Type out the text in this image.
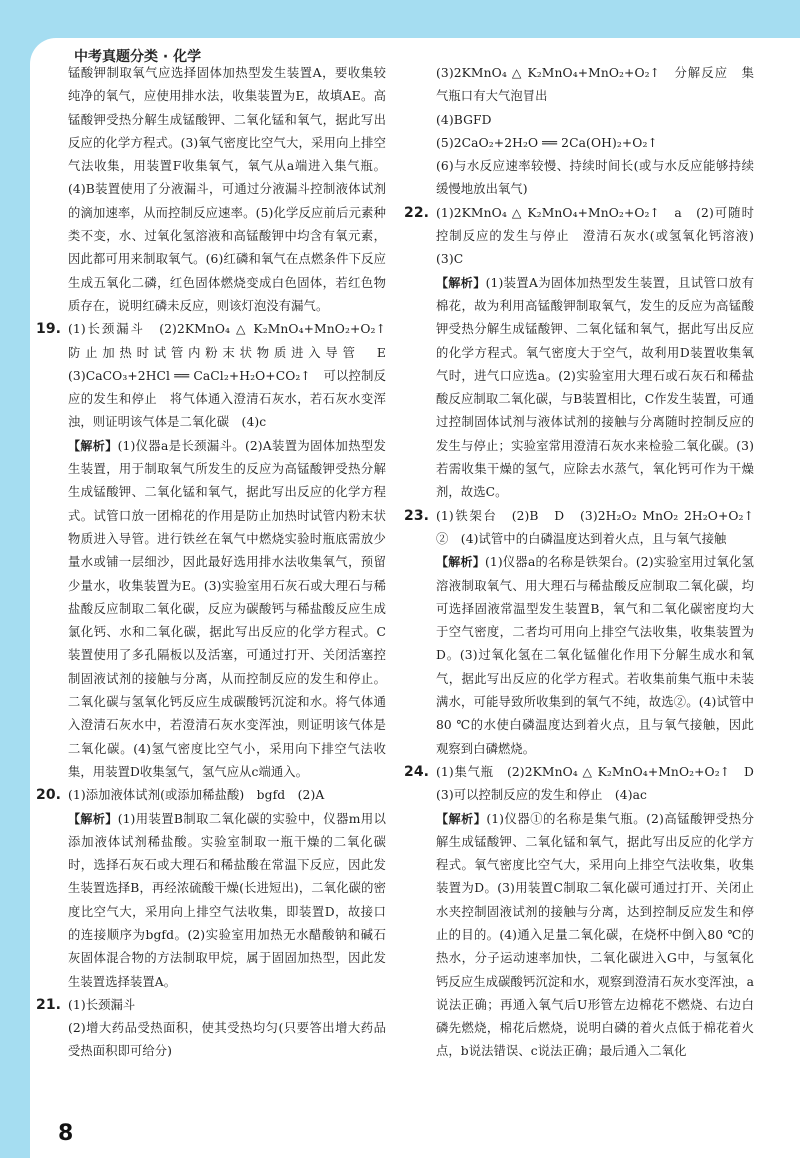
中考真题分类 · 化学

锰酸钾制取氧气应选择固体加热型发生装置A，要收集较纯净的氧气，应使用排水法，收集装置为E，故填AE。高锰酸钾受热分解生成锰酸钾、二氧化锰和氧气，据此写出反应的化学方程式。(3)氧气密度比空气大，采用向上排空气法收集，用装置F收集氧气，氧气从a端进入集气瓶。(4)B装置使用了分液漏斗，可通过分液漏斗控制液体试剂的滴加速率，从而控制反应速率。(5)化学反应前后元素种类不变，水、过氧化氢溶液和高锰酸钾中均含有氧元素，因此都可用来制取氧气。(6)红磷和氧气在点燃条件下反应生成五氧化二磷，红色固体燃烧变成白色固体，若红色物质存在，说明红磷未反应，则该灯泡没有漏气。

19. (1)长颈漏斗　(2)2KMnO₄ △ K₂MnO₄+MnO₂+O₂↑　防止加热时试管内粉末状物质进入导管　E　(3)CaCO₃+2HCl ══ CaCl₂+H₂O+CO₂↑　可以控制反应的发生和停止　将气体通入澄清石灰水，若石灰水变浑浊，则证明该气体是二氧化碳　(4)c

【解析】(1)仪器a是长颈漏斗。(2)A装置为固体加热型发生装置，用于制取氧气所发生的反应为高锰酸钾受热分解生成锰酸钾、二氧化锰和氧气，据此写出反应的化学方程式。试管口放一团棉花的作用是防止加热时试管内粉末状物质进入导管。进行铁丝在氧气中燃烧实验时瓶底需放少量水或铺一层细沙，因此最好选用排水法收集氧气，预留少量水，收集装置为E。(3)实验室用石灰石或大理石与稀盐酸反应制取二氧化碳，反应为碳酸钙与稀盐酸反应生成氯化钙、水和二氧化碳，据此写出反应的化学方程式。C装置使用了多孔隔板以及活塞，可通过打开、关闭活塞控制固液试剂的接触与分离，从而控制反应的发生和停止。二氧化碳与氢氧化钙反应生成碳酸钙沉淀和水。将气体通入澄清石灰水中，若澄清石灰水变浑浊，则证明该气体是二氧化碳。(4)氢气密度比空气小，采用向下排空气法收集，用装置D收集氢气，氢气应从c端通入。

20. (1)添加液体试剂(或添加稀盐酸)　bgfd　(2)A

【解析】(1)用装置B制取二氧化碳的实验中，仪器m用以添加液体试剂稀盐酸。实验室制取一瓶干燥的二氧化碳时，选择石灰石或大理石和稀盐酸在常温下反应，因此发生装置选择B，再经浓硫酸干燥(长进短出)，二氧化碳的密度比空气大，采用向上排空气法收集，即装置D，故接口的连接顺序为bgfd。(2)实验室用加热无水醋酸钠和碱石灰固体混合物的方法制取甲烷，属于固固加热型，因此发生装置选择装置A。

21. (1)长颈漏斗

(2)增大药品受热面积，使其受热均匀(只要答出增大药品受热面积即可给分)

(3)2KMnO₄ △ K₂MnO₄+MnO₂+O₂↑　分解反应　集气瓶口有大气泡冒出

(4)BGFD

(5)2CaO₂+2H₂O ══ 2Ca(OH)₂+O₂↑

(6)与水反应速率较慢、持续时间长(或与水反应能够持续缓慢地放出氧气)

22. (1)2KMnO₄ △ K₂MnO₄+MnO₂+O₂↑　a　(2)可随时控制反应的发生与停止　澄清石灰水(或氢氧化钙溶液)　(3)C

【解析】(1)装置A为固体加热型发生装置，且试管口放有棉花，故为利用高锰酸钾制取氧气，发生的反应为高锰酸钾受热分解生成锰酸钾、二氧化锰和氧气，据此写出反应的化学方程式。氧气密度大于空气，故利用D装置收集氧气时，进气口应选a。(2)实验室用大理石或石灰石和稀盐酸反应制取二氧化碳，与B装置相比，C作发生装置，可通过控制固体试剂与液体试剂的接触与分离随时控制反应的发生与停止；实验室常用澄清石灰水来检验二氧化碳。(3)若需收集干燥的氢气，应除去水蒸气，氧化钙可作为干燥剂，故选C。

23. (1)铁架台　(2)B　D　(3)2H₂O₂ MnO₂ 2H₂O+O₂↑　②　(4)试管中的白磷温度达到着火点，且与氧气接触

【解析】(1)仪器a的名称是铁架台。(2)实验室用过氧化氢溶液制取氧气、用大理石与稀盐酸反应制取二氧化碳，均可选择固液常温型发生装置B，氧气和二氧化碳密度均大于空气密度，二者均可用向上排空气法收集，收集装置为D。(3)过氧化氢在二氧化锰催化作用下分解生成水和氧气，据此写出反应的化学方程式。若收集前集气瓶中未装满水，可能导致所收集到的氧气不纯，故选②。(4)试管中80 ℃的水使白磷温度达到着火点，且与氧气接触，因此观察到白磷燃烧。

24. (1)集气瓶　(2)2KMnO₄ △ K₂MnO₄+MnO₂+O₂↑　D　(3)可以控制反应的发生和停止　(4)ac

【解析】(1)仪器①的名称是集气瓶。(2)高锰酸钾受热分解生成锰酸钾、二氧化锰和氧气，据此写出反应的化学方程式。氧气密度比空气大，采用向上排空气法收集，收集装置为D。(3)用装置C制取二氧化碳可通过打开、关闭止水夹控制固液试剂的接触与分离，达到控制反应发生和停止的目的。(4)通入足量二氧化碳，在烧杯中倒入80 ℃的热水，分子运动速率加快，二氧化碳进入G中，与氢氧化钙反应生成碳酸钙沉淀和水，观察到澄清石灰水变浑浊，a说法正确；再通入氧气后U形管左边棉花不燃烧、右边白磷先燃烧，棉花后燃烧，说明白磷的着火点低于棉花着火点，b说法错误、c说法正确；最后通入二氧化

8
